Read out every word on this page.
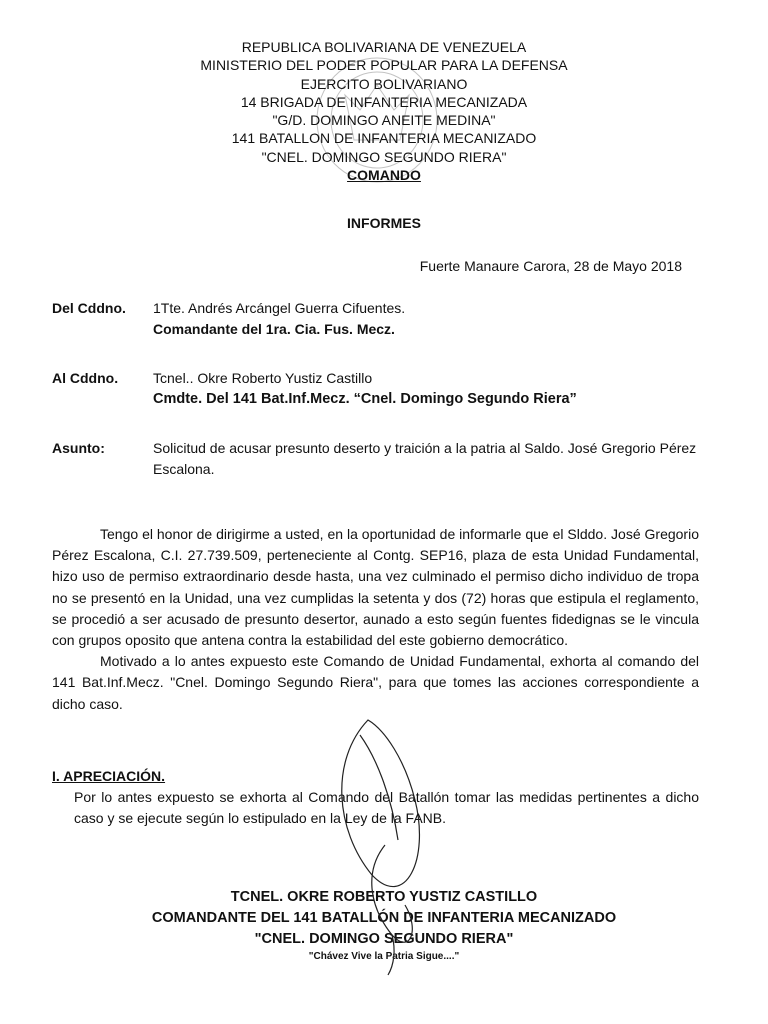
REPUBLICA BOLIVARIANA DE VENEZUELA
MINISTERIO DEL PODER POPULAR PARA LA DEFENSA
EJERCITO BOLIVARIANO
14 BRIGADA DE INFANTERIA MECANIZADA
"G/D. DOMINGO ANEITE MEDINA"
141 BATALLON DE INFANTERIA MECANIZADO
"CNEL. DOMINGO SEGUNDO RIERA"
COMANDO
INFORMES
Fuerte Manaure Carora, 28 de Mayo 2018
Del Cddno. 1Tte. Andrés Arcángel Guerra Cifuentes.
Comandante del 1ra. Cia. Fus. Mecz.
Al Cddno. Tcnel.. Okre Roberto Yustiz Castillo
Cmdte. Del 141 Bat.Inf.Mecz. “Cnel. Domingo Segundo Riera”
Asunto:	Solicitud de acusar presunto deserto y traición a la patria al Saldo. José Gregorio Pérez Escalona.

Tengo el honor de dirigirme a usted, en la oportunidad de informarle que el Slddo. José Gregorio Pérez Escalona, C.I. 27.739.509, perteneciente al Contg. SEP16, plaza de esta Unidad Fundamental, hizo uso de permiso extraordinario desde hasta, una vez culminado el permiso dicho individuo de tropa no se presentó en la Unidad, una vez cumplidas la setenta y dos (72) horas que estipula el reglamento, se procedió a ser acusado de presunto desertor, aunado a esto según fuentes fidedignas se le vincula con grupos oposito que antena contra la estabilidad del este gobierno democrático.

Motivado a lo antes expuesto este Comando de Unidad Fundamental, exhorta al comando del 141 Bat.Inf.Mecz. "Cnel. Domingo Segundo Riera", para que tomes las acciones correspondiente a dicho caso.

I. APRECIACIÓN.
Por lo antes expuesto se exhorta al Comando del Batallón tomar las medidas pertinentes a dicho caso y se ejecute según lo estipulado en la Ley de la FANB.
TCNEL. OKRE ROBERTO YUSTIZ CASTILLO
COMANDANTE DEL 141 BATALLÓN DE INFANTERIA MECANIZADO
"CNEL. DOMINGO SEGUNDO RIERA"
"Chávez Vive la Patria Sigue...."
